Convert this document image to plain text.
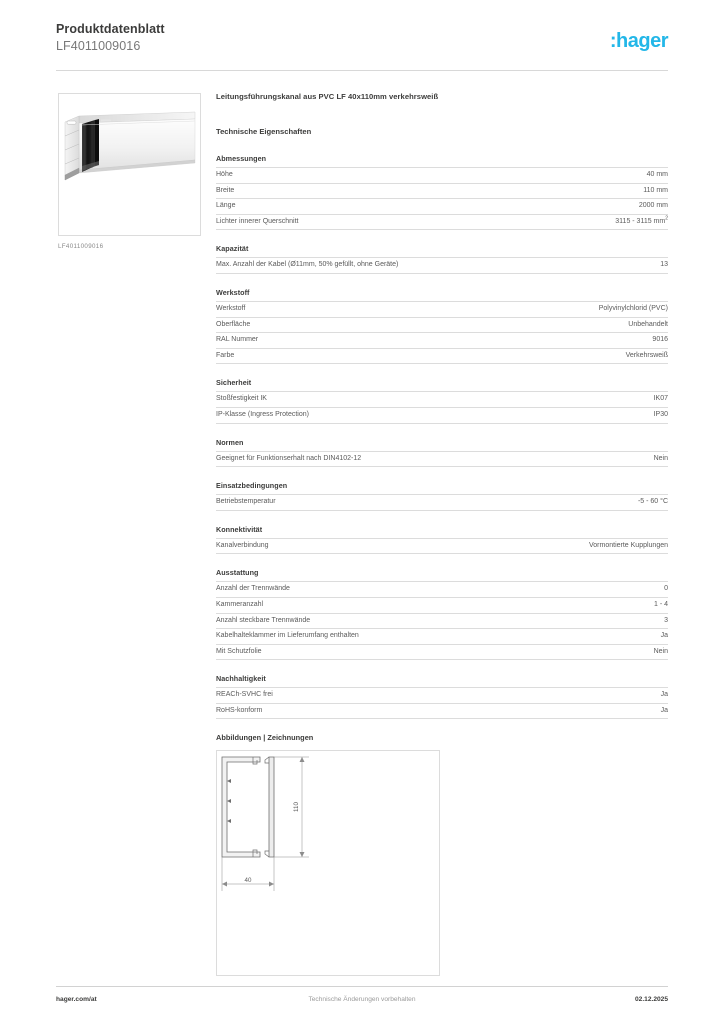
Produktdatenblatt
LF4011009016	:hager
LF4011009016
Leitungsführungskanal aus PVC LF 40x110mm verkehrsweiß
Technische Eigenschaften
Abmessungen
Höhe	40 mm
Breite	110 mm
Länge	2000 mm
Lichter innerer Querschnitt	3115 - 3115 $mm^2$
Kapazität
Max. Anzahl der Kabel (Ø11mm, 50% gefüllt, ohne Geräte)	13
Werkstoff
Werkstoff	Polyvinylchlorid (PVC)
Oberfläche	Unbehandelt
RAL Nummer	9016
Farbe	Verkehrsweiß
Sicherheit
Stoßfestigkeit IK	IK07
IP-Klasse (Ingress Protection)	IP30
Normen
Geeignet für Funktionserhalt nach DIN4102-12	Nein
Einsatzbedingungen
Betriebstemperatur	-5 - 60 °C
Konnektivität
Kanalverbindung	Vormontierte Kupplungen
Ausstattung
Anzahl der Trennwände	0
Kammeranzahl	1 - 4
Anzahl steckbare Trennwände	3
Kabelhalteklammer im Lieferumfang enthalten	Ja
Mit Schutzfolie	Nein
Nachhaltigkeit
REACh-SVHC frei	Ja
RoHS-konform	Ja
Abbildungen | Zeichnungen
110
40
hager.com/at	Technische Änderungen vorbehalten	02.12.2025
